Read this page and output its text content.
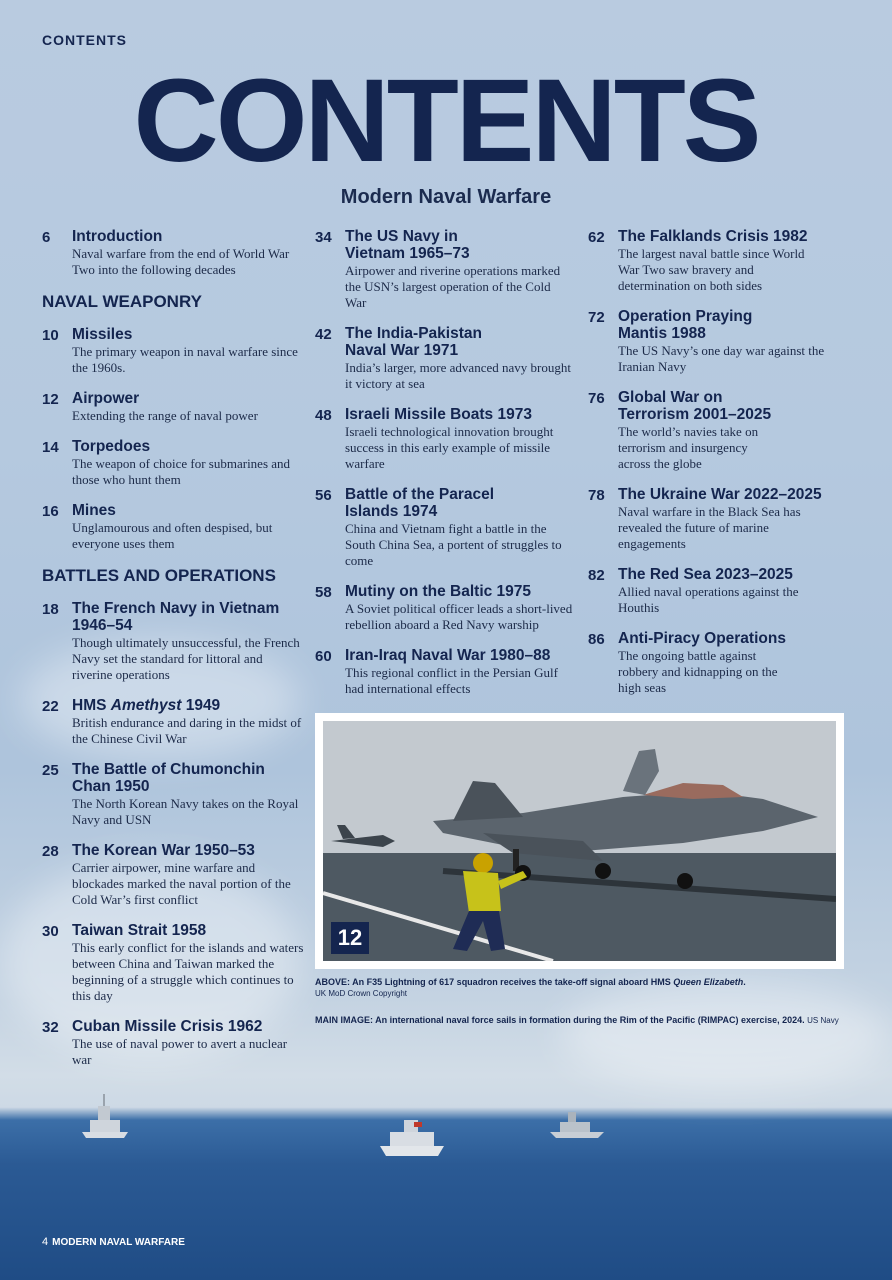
CONTENTS
CONTENTS
Modern Naval Warfare
6 Introduction
Naval warfare from the end of World War Two into the following decades
NAVAL WEAPONRY
10 Missiles
The primary weapon in naval warfare since the 1960s.
12 Airpower
Extending the range of naval power
14 Torpedoes
The weapon of choice for submarines and those who hunt them
16 Mines
Unglamourous and often despised, but everyone uses them
BATTLES AND OPERATIONS
18 The French Navy in Vietnam 1946–54
Though ultimately unsuccessful, the French Navy set the standard for littoral and riverine operations
22 HMS Amethyst 1949
British endurance and daring in the midst of the Chinese Civil War
25 The Battle of Chumonchin Chan 1950
The North Korean Navy takes on the Royal Navy and USN
28 The Korean War 1950–53
Carrier airpower, mine warfare and blockades marked the naval portion of the Cold War’s first conflict
30 Taiwan Strait 1958
This early conflict for the islands and waters between China and Taiwan marked the beginning of a struggle which continues to this day
32 Cuban Missile Crisis 1962
The use of naval power to avert a nuclear war
34 The US Navy in Vietnam 1965–73
Airpower and riverine operations marked the USN’s largest operation of the Cold War
42 The India-Pakistan Naval War 1971
India’s larger, more advanced navy brought it victory at sea
48 Israeli Missile Boats 1973
Israeli technological innovation brought success in this early example of missile warfare
56 Battle of the Paracel Islands 1974
China and Vietnam fight a battle in the South China Sea, a portent of struggles to come
58 Mutiny on the Baltic 1975
A Soviet political officer leads a short-lived rebellion aboard a Red Navy warship
60 Iran-Iraq Naval War 1980–88
This regional conflict in the Persian Gulf had international effects
62 The Falklands Crisis 1982
The largest naval battle since World War Two saw bravery and determination on both sides
72 Operation Praying Mantis 1988
The US Navy’s one day war against the Iranian Navy
76 Global War on Terrorism 2001–2025
The world’s navies take on terrorism and insurgency across the globe
78 The Ukraine War 2022–2025
Naval warfare in the Black Sea has revealed the future of marine engagements
82 The Red Sea 2023–2025
Allied naval operations against the Houthis
86 Anti-Piracy Operations
The ongoing battle against robbery and kidnapping on the high seas
12
ABOVE: An F35 Lightning of 617 squadron receives the take-off signal aboard HMS Queen Elizabeth.
UK MoD Crown Copyright
MAIN IMAGE: An international naval force sails in formation during the Rim of the Pacific (RIMPAC) exercise, 2024. US Navy
4 MODERN NAVAL WARFARE
